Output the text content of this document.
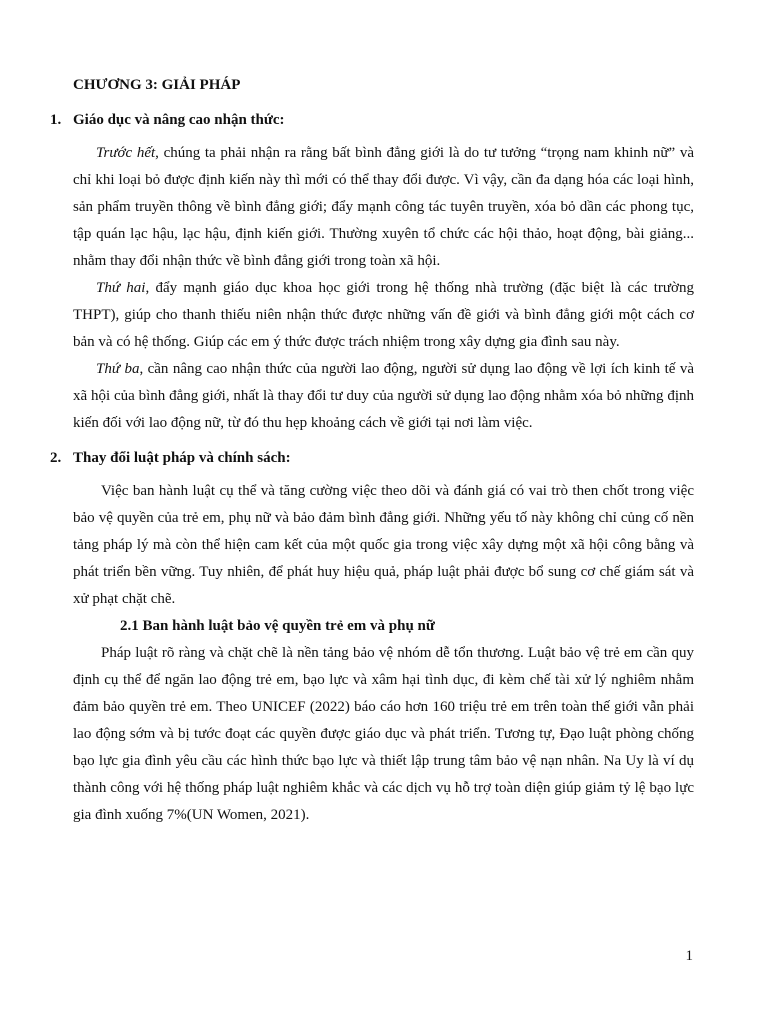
CHƯƠNG 3: GIẢI PHÁP
1. Giáo dục và nâng cao nhận thức:

Trước hết, chúng ta phải nhận ra rằng bất bình đẳng giới là do tư tưởng “trọng nam khinh nữ” và chỉ khi loại bỏ được định kiến này thì mới có thể thay đổi được. Vì vậy, cần đa dạng hóa các loại hình, sản phẩm truyền thông về bình đẳng giới; đẩy mạnh công tác tuyên truyền, xóa bỏ dần các phong tục, tập quán lạc hậu, lạc hậu, định kiến giới. Thường xuyên tổ chức các hội thảo, hoạt động, bài giảng... nhằm thay đổi nhận thức về bình đẳng giới trong toàn xã hội.

Thứ hai, đẩy mạnh giáo dục khoa học giới trong hệ thống nhà trường (đặc biệt là các trường THPT), giúp cho thanh thiếu niên nhận thức được những vấn đề giới và bình đẳng giới một cách cơ bản và có hệ thống. Giúp các em ý thức được trách nhiệm trong xây dựng gia đình sau này.

Thứ ba, cần nâng cao nhận thức của người lao động, người sử dụng lao động về lợi ích kinh tế và xã hội của bình đẳng giới, nhất là thay đổi tư duy của người sử dụng lao động nhằm xóa bỏ những định kiến đối với lao động nữ, từ đó thu hẹp khoảng cách về giới tại nơi làm việc.

2. Thay đổi luật pháp và chính sách:

Việc ban hành luật cụ thể và tăng cường việc theo dõi và đánh giá có vai trò then chốt trong việc bảo vệ quyền của trẻ em, phụ nữ và bảo đảm bình đẳng giới. Những yếu tố này không chỉ củng cố nền tảng pháp lý mà còn thể hiện cam kết của một quốc gia trong việc xây dựng một xã hội công bằng và phát triển bền vững. Tuy nhiên, để phát huy hiệu quả, pháp luật phải được bổ sung cơ chế giám sát và xử phạt chặt chẽ.

2.1 Ban hành luật bảo vệ quyền trẻ em và phụ nữ

Pháp luật rõ ràng và chặt chẽ là nền tảng bảo vệ nhóm dễ tổn thương. Luật bảo vệ trẻ em cần quy định cụ thể để ngăn lao động trẻ em, bạo lực và xâm hại tình dục, đi kèm chế tài xử lý nghiêm nhằm đảm bảo quyền trẻ em. Theo UNICEF (2022) báo cáo hơn 160 triệu trẻ em trên toàn thế giới vẫn phải lao động sớm và bị tước đoạt các quyền được giáo dục và phát triển. Tương tự, Đạo luật phòng chống bạo lực gia đình yêu cầu các hình thức bạo lực và thiết lập trung tâm bảo vệ nạn nhân. Na Uy là ví dụ thành công với hệ thống pháp luật nghiêm khắc và các dịch vụ hỗ trợ toàn diện giúp giảm tỷ lệ bạo lực gia đình xuống 7%(UN Women, 2021).

1
